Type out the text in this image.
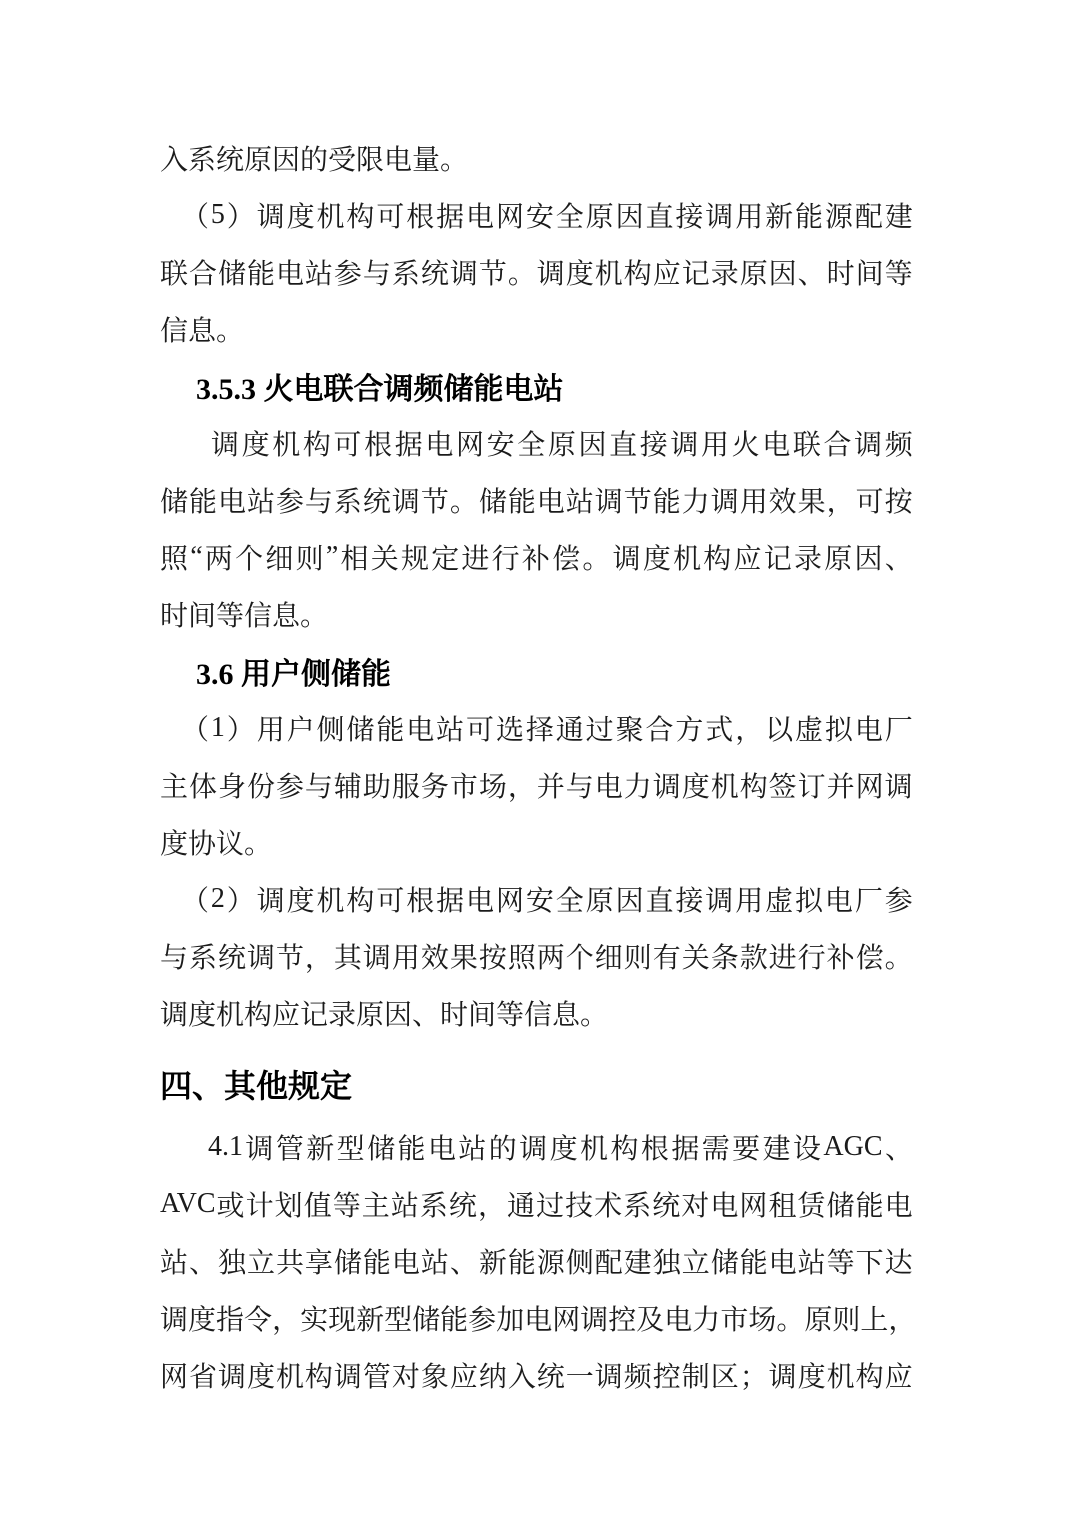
入系统原因的受限电量。
（ 5 ） 调 度 机 构 可 根 据 电 网 安 全 原 因 直 接 调 用 新 能 源 配 建
联 合 储 能 电 站 参 与 系 统 调 节 。 调 度 机 构 应 记 录 原 因 、 时 间 等
信息。
3.5.3 火电联合调频储能电站
调 度 机 构 可 根 据 电 网 安 全 原 因 直 接 调 用 火 电 联 合 调 频
储 能 电 站 参 与 系 统 调 节 。 储 能 电 站 调 节 能 力 调 用 效 果 ， 可 按
照 “ 两 个 细 则 ” 相 关 规 定 进 行 补 偿 。 调 度 机 构 应 记 录 原 因 、
时间等信息。
3.6 用户侧储能
（ 1 ） 用 户 侧 储 能 电 站 可 选 择 通 过 聚 合 方 式 ， 以 虚 拟 电 厂
主 体 身 份 参 与 辅 助 服 务 市 场 ， 并 与 电 力 调 度 机 构 签 订 并 网 调
度协议。
（ 2 ） 调 度 机 构 可 根 据 电 网 安 全 原 因 直 接 调 用 虚 拟 电 厂 参
与 系 统 调 节 ， 其 调 用 效 果 按 照 两 个 细 则 有 关 条 款 进 行 补 偿 。
调度机构应记录原因、时间等信息。
四、其他规定
4.1 调 管 新 型 储 能 电 站 的 调 度 机 构 根 据 需 要 建 设 AGC 、
AVC 或 计 划 值 等 主 站 系 统 ， 通 过 技 术 系 统 对 电 网 租 赁 储 能 电
站 、 独 立 共 享 储 能 电 站 、 新 能 源 侧 配 建 独 立 储 能 电 站 等 下 达
调 度 指 令 ， 实 现 新 型 储 能 参 加 电 网 调 控 及 电 力 市 场 。 原 则 上 ，
网 省 调 度 机 构 调 管 对 象 应 纳 入 统 一 调 频 控 制 区 ； 调 度 机 构 应
